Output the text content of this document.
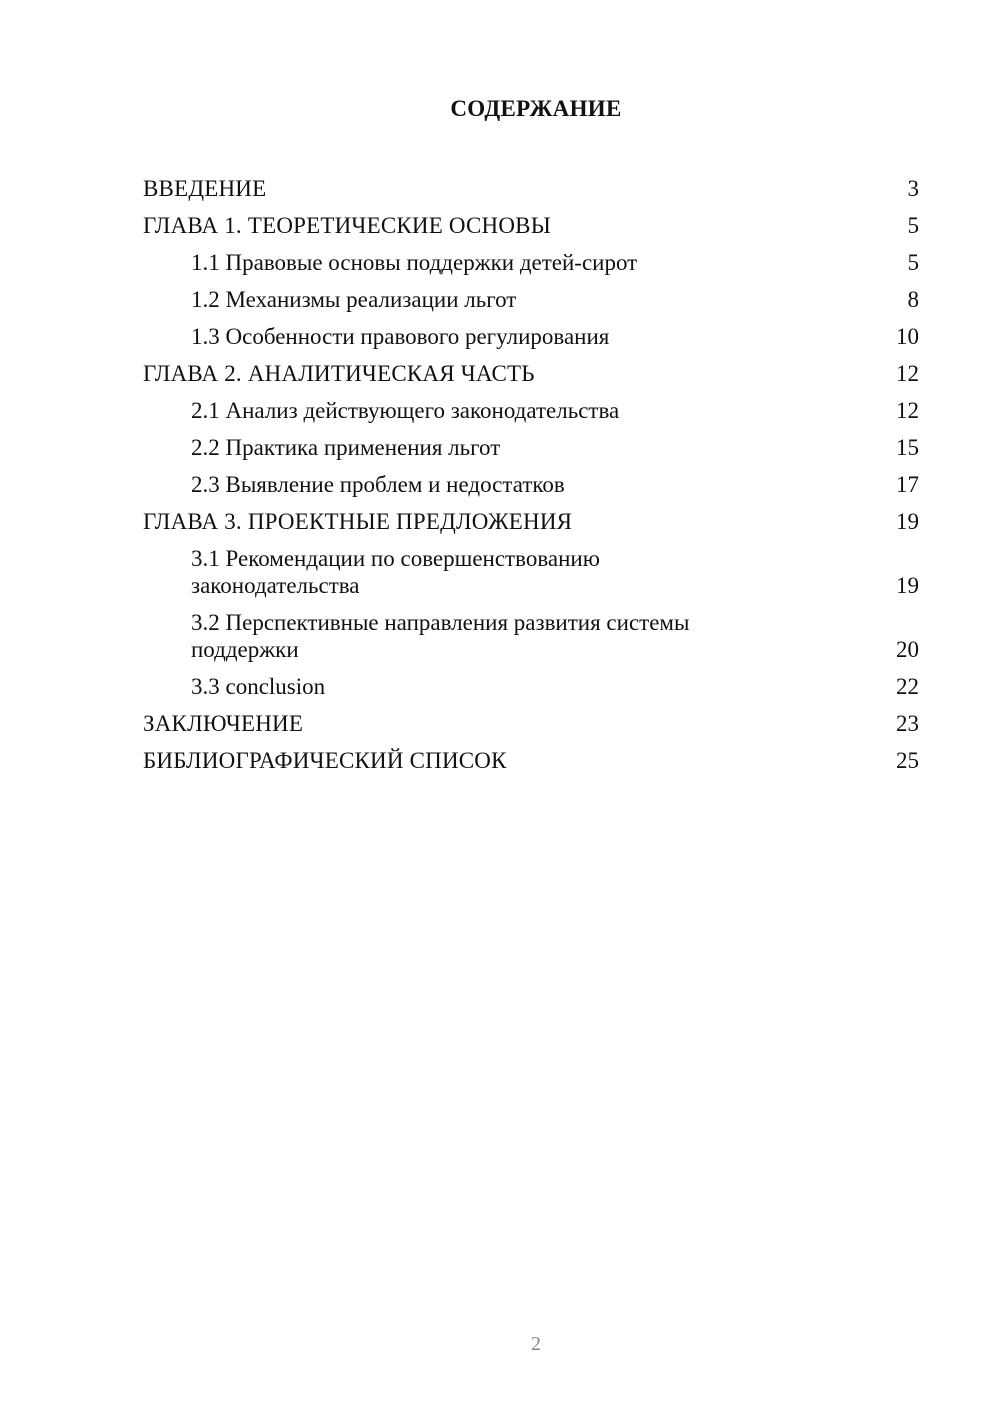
СОДЕРЖАНИЕ
ВВЕДЕНИЕ	3
ГЛАВА 1. ТЕОРЕТИЧЕСКИЕ ОСНОВЫ	5
1.1 Правовые основы поддержки детей-сирот	5
1.2 Механизмы реализации льгот	8
1.3 Особенности правового регулирования	10
ГЛАВА 2. АНАЛИТИЧЕСКАЯ ЧАСТЬ	12
2.1 Анализ действующего законодательства	12
2.2 Практика применения льгот	15
2.3 Выявление проблем и недостатков	17
ГЛАВА 3. ПРОЕКТНЫЕ ПРЕДЛОЖЕНИЯ	19
3.1 Рекомендации по совершенствованию законодательства	19
3.2 Перспективные направления развития системы поддержки	20
3.3 conclusion	22
ЗАКЛЮЧЕНИЕ	23
БИБЛИОГРАФИЧЕСКИЙ СПИСОК	25
2
